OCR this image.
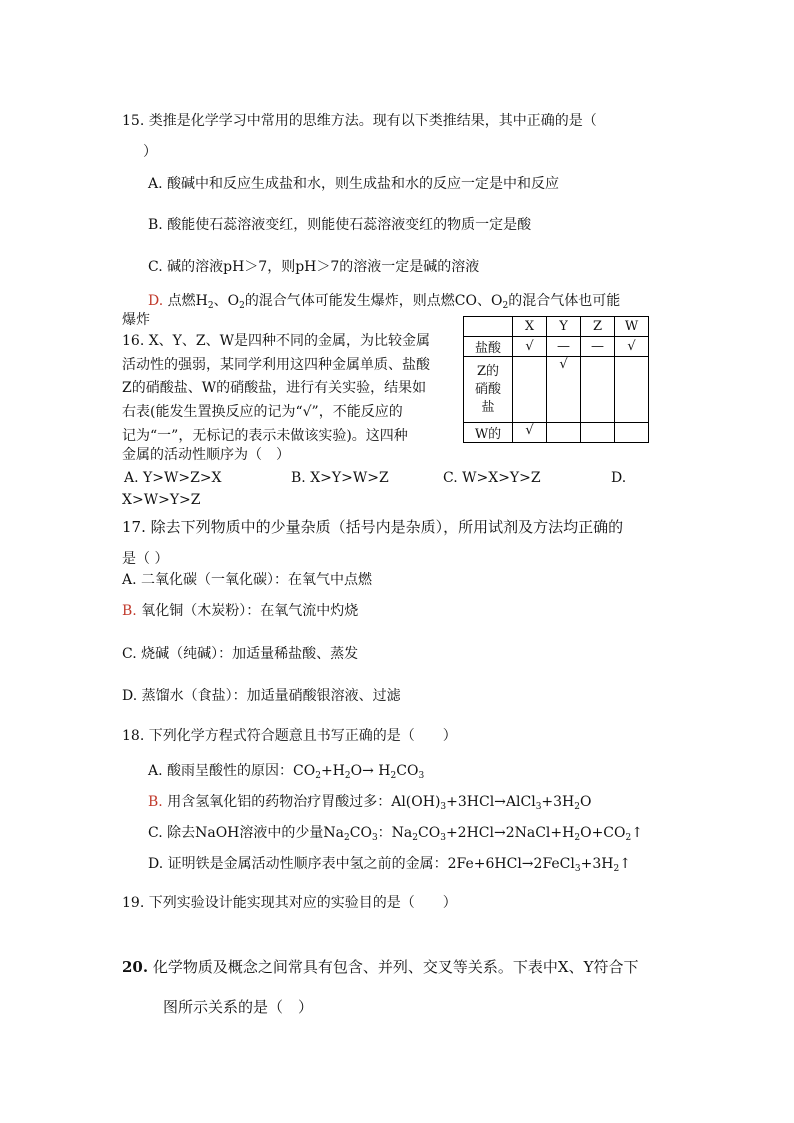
15. 类推是化学学习中常用的思维方法。现有以下类推结果，其中正确的是（
）
A. 酸碱中和反应生成盐和水，则生成盐和水的反应一定是中和反应
B. 酸能使石蕊溶液变红，则能使石蕊溶液变红的物质一定是酸
C. 碱的溶液pH＞7，则pH＞7的溶液一定是碱的溶液
D. 点燃$H_2$、$O_2$的混合气体可能发生爆炸，则点燃CO、$O_2$的混合气体也可能
爆炸
16. X、Y、Z、W是四种不同的金属，为比较金属
活动性的强弱，某同学利用这四种金属单质、盐酸
Z的硝酸盐、W的硝酸盐，进行有关实验，结果如
右表(能发生置换反应的记为“√”，不能反应的
记为“一”，无标记的表示未做该实验)。这四种
金属的活动性顺序为（　）
	X	Y	Z	W
盐酸	√	—	—	√

Z的
硝酸
盐		√		
W的	√			
A. Y>W>Z>X	B. X>Y>W>Z	C. W>X>Y>Z	D.
X>W>Y>Z
17. 除去下列物质中的少量杂质（括号内是杂质），所用试剂及方法均正确的
是（ ）
A. 二氧化碳（一氧化碳）：在氧气中点燃
B. 氧化铜（木炭粉）：在氧气流中灼烧
C. 烧碱（纯碱）：加适量稀盐酸、蒸发
D. 蒸馏水（食盐）：加适量硝酸银溶液、过滤
18. 下列化学方程式符合题意且书写正确的是（　　）
A. 酸雨呈酸性的原因：$CO_2+H_2O\to H_2CO_3$
B. 用含氢氧化铝的药物治疗胃酸过多：$Al(OH)_3+3HCl\to AlCl_3+3H_2O$
C. 除去NaOH溶液中的少量$Na_2CO_3$：$Na_2CO_3+2HCl\to 2NaCl+H_2O+CO_2↑$
D. 证明铁是金属活动性顺序表中氢之前的金属：$2Fe+6HCl\to 2FeCl_3+3H_2↑$
19. 下列实验设计能实现其对应的实验目的是（　　）
20. 化学物质及概念之间常具有包含、并列、交叉等关系。下表中X、Y符合下
图所示关系的是（　）
